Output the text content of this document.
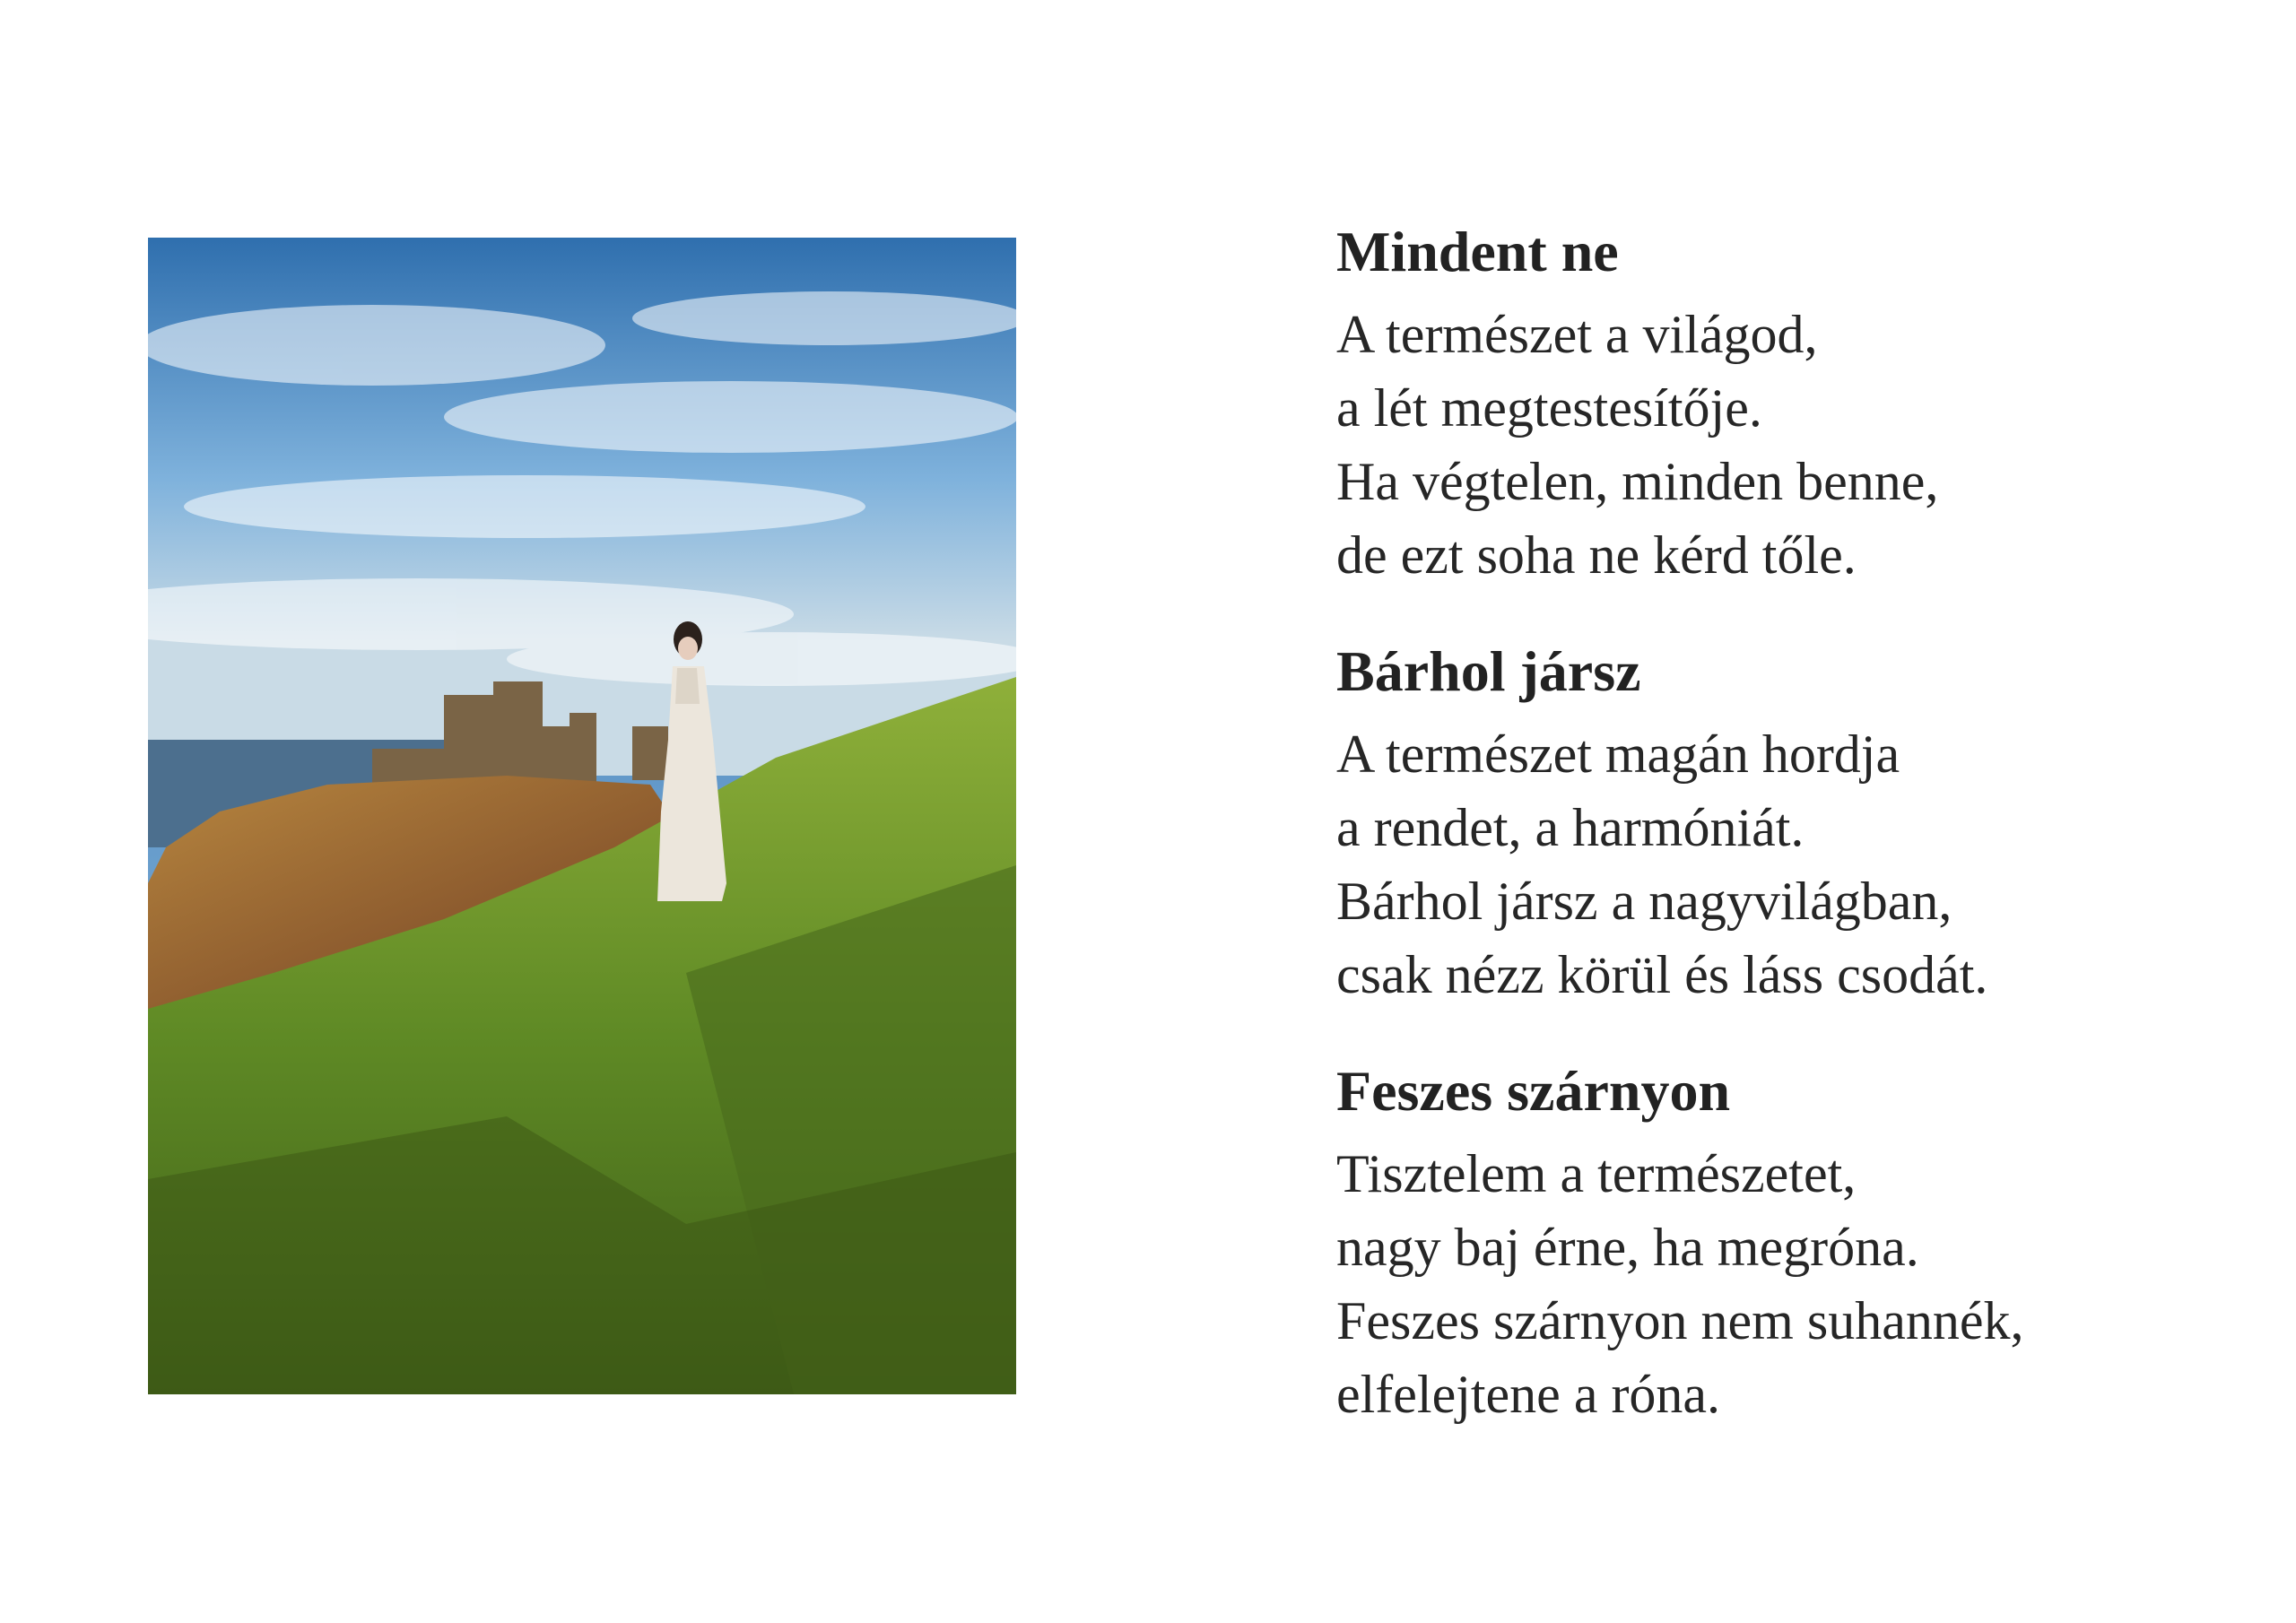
Mindent ne

A természet a világod,

a lét megtestesítője.

Ha végtelen, minden benne,

de ezt soha ne kérd tőle.

Bárhol jársz

A természet magán hordja

a rendet, a harmóniát.

Bárhol jársz a nagyvilágban,

csak nézz körül és láss csodát.

Feszes szárnyon

Tisztelem a természetet,

nagy baj érne, ha megróna.

Feszes szárnyon nem suhannék,

elfelejtene a róna.
